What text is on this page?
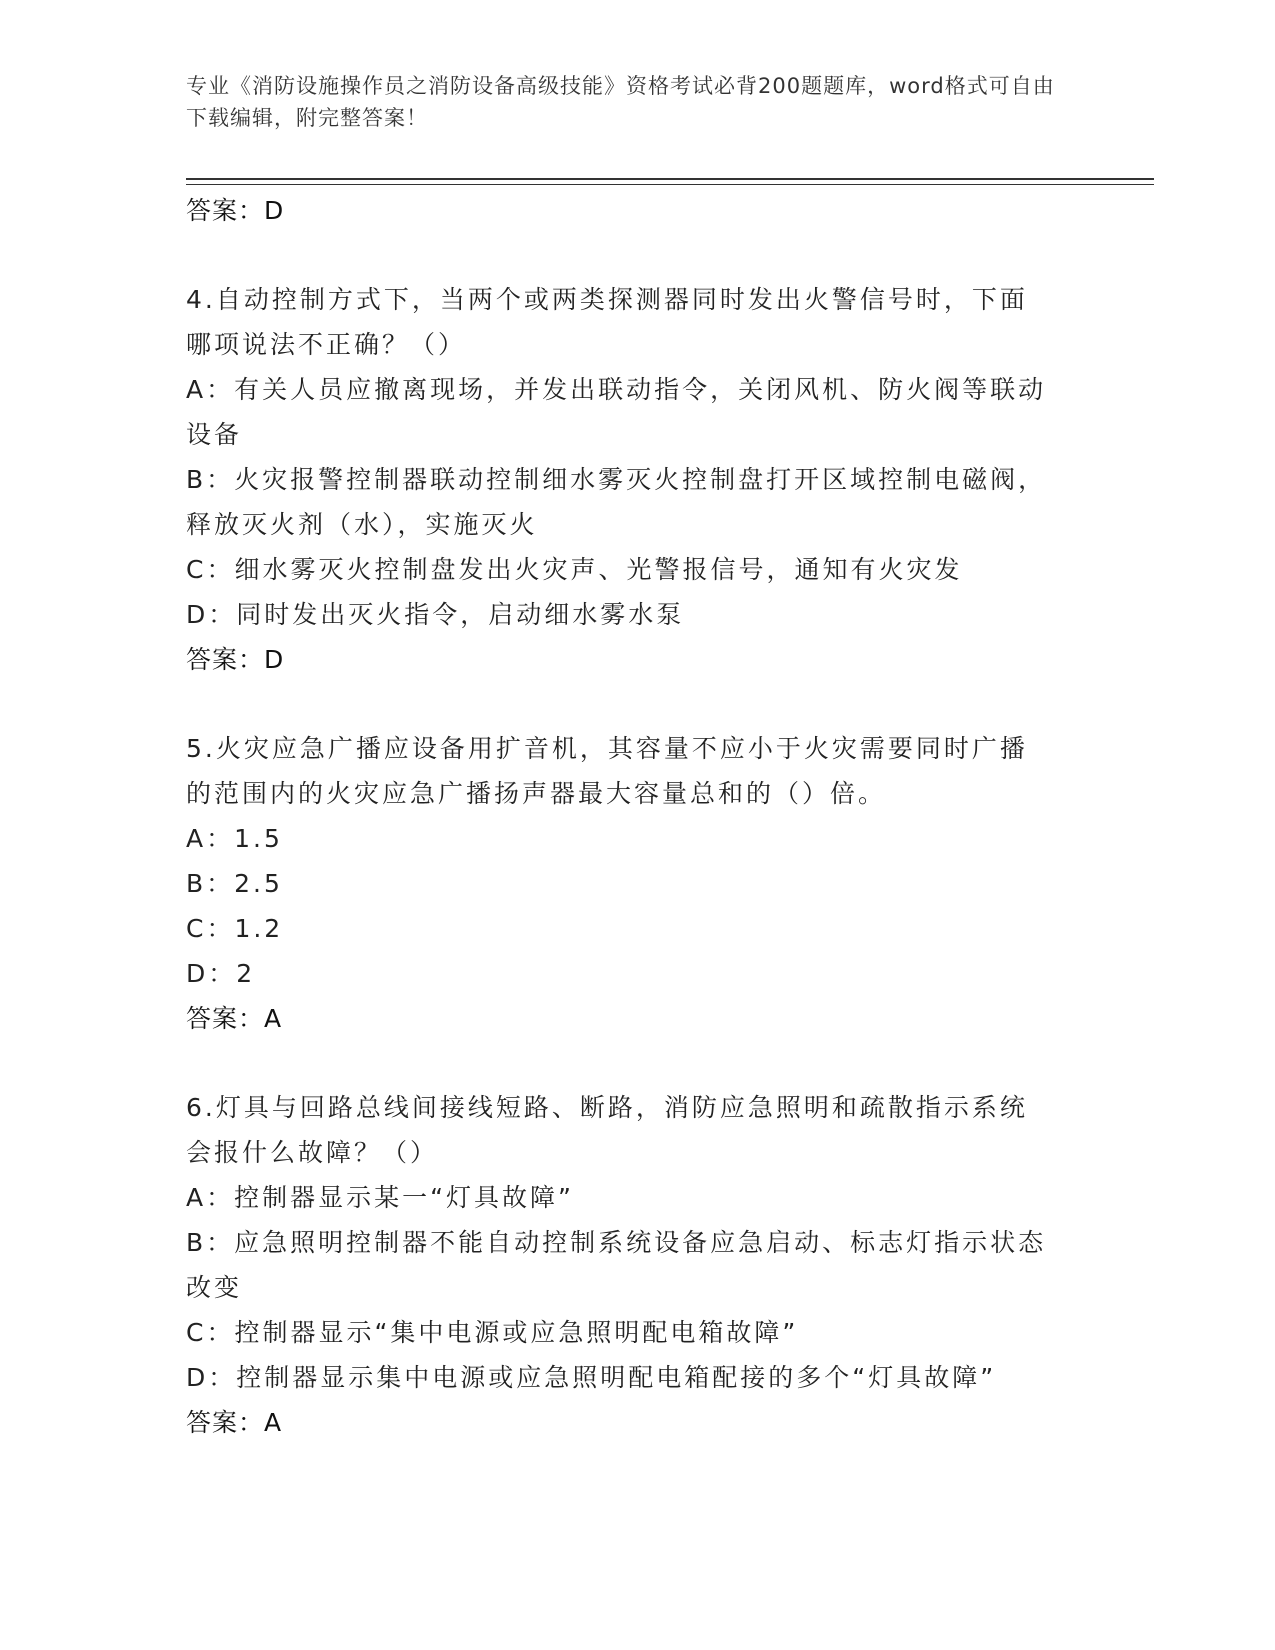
专业《消防设施操作员之消防设备高级技能》资格考试必背200题题库，word格式可自由下载编辑，附完整答案！
答案：D
4.自动控制方式下，当两个或两类探测器同时发出火警信号时，下面
哪项说法不正确？（）
A：有关人员应撤离现场，并发出联动指令，关闭风机、防火阀等联动
设备
B：火灾报警控制器联动控制细水雾灭火控制盘打开区域控制电磁阀，
释放灭火剂（水），实施灭火
C：细水雾灭火控制盘发出火灾声、光警报信号，通知有火灾发
D：同时发出灭火指令，启动细水雾水泵
答案：D
5.火灾应急广播应设备用扩音机，其容量不应小于火灾需要同时广播
的范围内的火灾应急广播扬声器最大容量总和的（）倍。
A：1.5
B：2.5
C：1.2
D：2
答案：A
6.灯具与回路总线间接线短路、断路，消防应急照明和疏散指示系统
会报什么故障？（）
A：控制器显示某一“灯具故障”
B：应急照明控制器不能自动控制系统设备应急启动、标志灯指示状态
改变
C：控制器显示“集中电源或应急照明配电箱故障”
D：控制器显示集中电源或应急照明配电箱配接的多个“灯具故障”
答案：A
